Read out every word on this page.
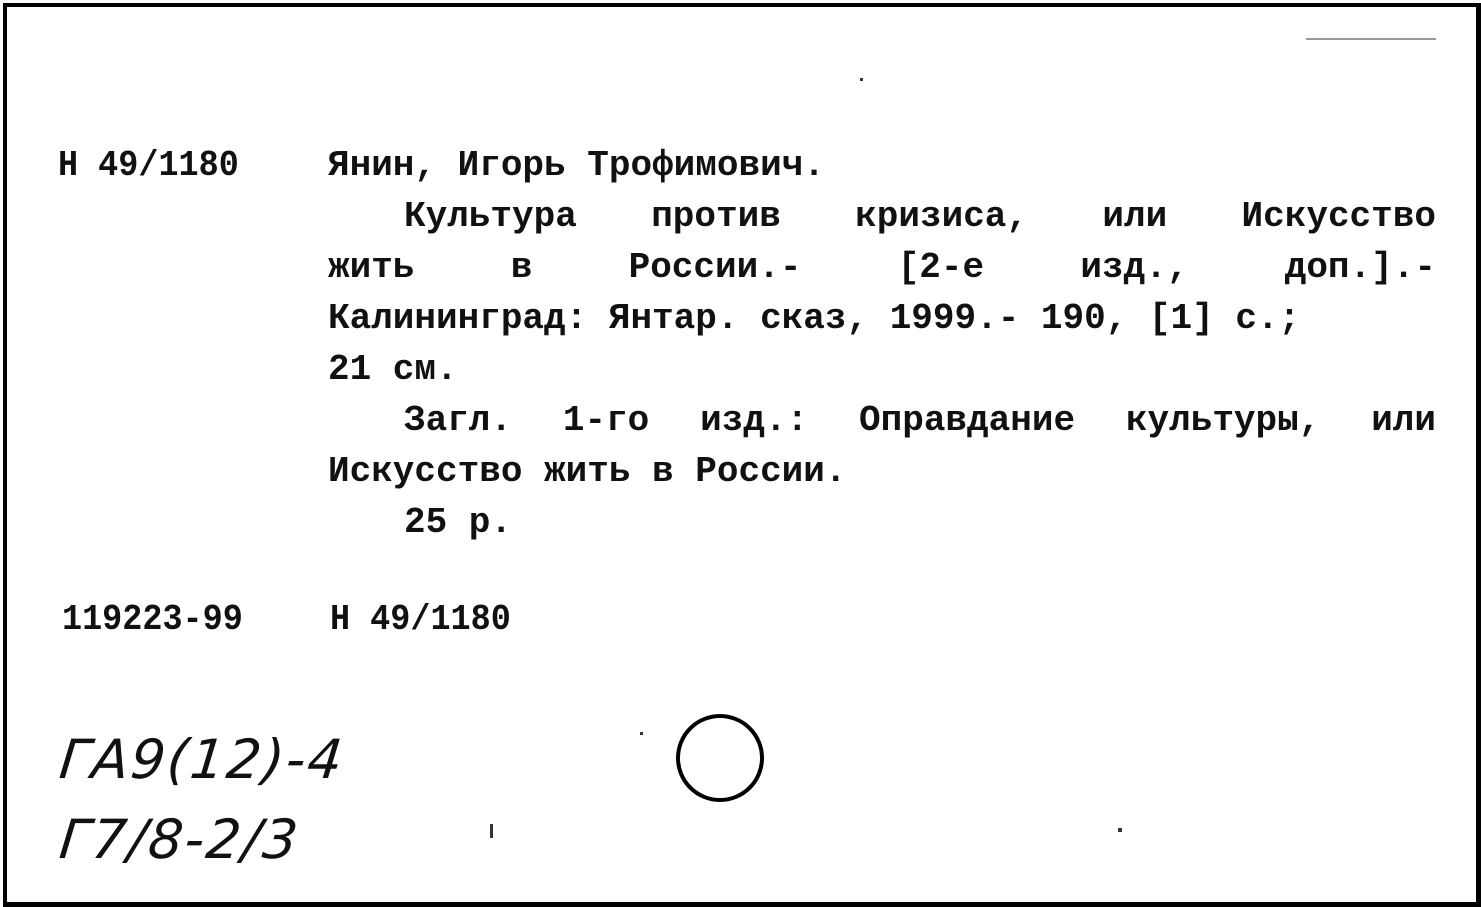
Н 49/1180 Янин, Игорь Трофимович.
Культура против кризиса, или Искусство
жить	в	России.-	[2-е	изд.,	доп.].-
Калининград: Янтар. сказ, 1999.- 190, [1] с.;
21 см.
Загл. 1-го изд.: Оправдание культуры, или
Искусство жить в России.
25 р.
119223-99 Н 49/1180
ГА9(12)-4
Г7/8-2/3
